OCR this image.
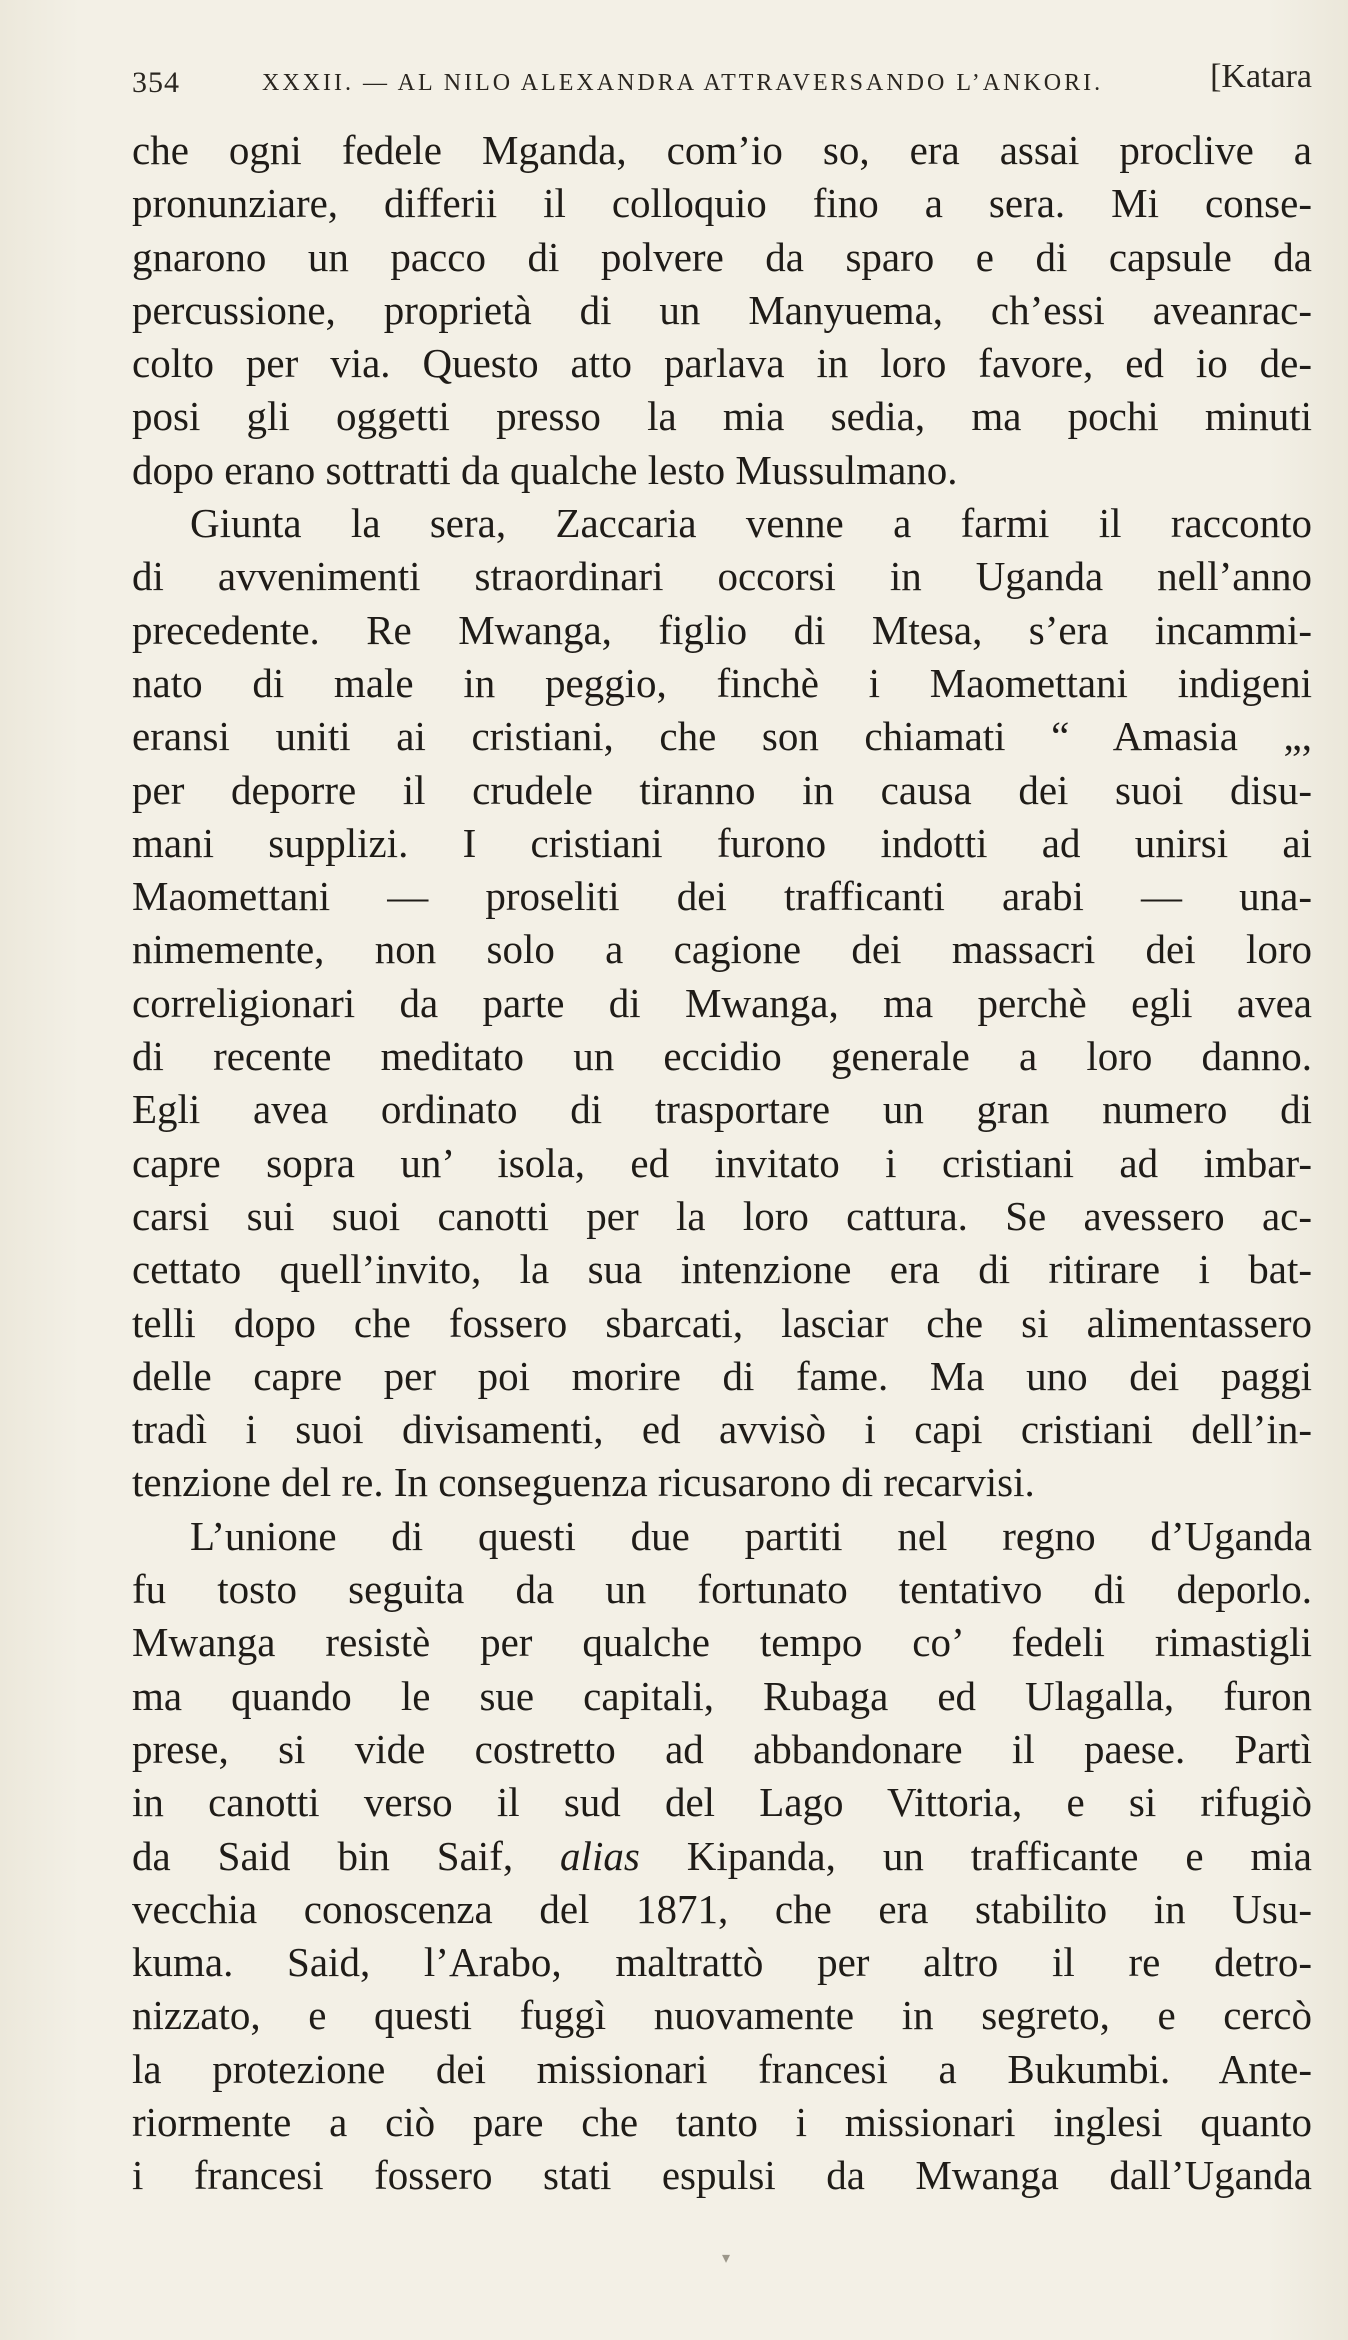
354	XXXII. — AL NILO ALEXANDRA ATTRAVERSANDO L’ANKORI.	[Katara
che ogni fedele Mganda, com’io so, era assai proclive a
pronunziare, differii il colloquio fino a sera. Mi conse-
gnarono un pacco di polvere da sparo e di capsule da
percussione, proprietà di un Manyuema, ch’essi aveanrac-
colto per via. Questo atto parlava in loro favore, ed io de-
posi gli oggetti presso la mia sedia, ma pochi minuti
dopo erano sottratti da qualche lesto Mussulmano.
Giunta la sera, Zaccaria venne a farmi il racconto
di avvenimenti straordinari occorsi in Uganda nell’anno
precedente. Re Mwanga, figlio di Mtesa, s’era incammi-
nato di male in peggio, finchè i Maomettani indigeni
eransi uniti ai cristiani, che son chiamati “ Amasia „,
per deporre il crudele tiranno in causa dei suoi disu-
mani supplizi. I cristiani furono indotti ad unirsi ai
Maomettani — proseliti dei trafficanti arabi — una-
nimemente, non solo a cagione dei massacri dei loro
correligionari da parte di Mwanga, ma perchè egli avea
di recente meditato un eccidio generale a loro danno.
Egli avea ordinato di trasportare un gran numero di
capre sopra un’ isola, ed invitato i cristiani ad imbar-
carsi sui suoi canotti per la loro cattura. Se avessero ac-
cettato quell’invito, la sua intenzione era di ritirare i bat-
telli dopo che fossero sbarcati, lasciar che si alimentassero
delle capre per poi morire di fame. Ma uno dei paggi
tradì i suoi divisamenti, ed avvisò i capi cristiani dell’in-
tenzione del re. In conseguenza ricusarono di recarvisi.
L’unione di questi due partiti nel regno d’Uganda
fu tosto seguita da un fortunato tentativo di deporlo.
Mwanga resistè per qualche tempo co’ fedeli rimastigli
ma quando le sue capitali, Rubaga ed Ulagalla, furon
prese, si vide costretto ad abbandonare il paese. Partì
in canotti verso il sud del Lago Vittoria, e si rifugiò
da Said bin Saif, alias Kipanda, un trafficante e mia
vecchia conoscenza del 1871, che era stabilito in Usu-
kuma. Said, l’Arabo, maltrattò per altro il re detro-
nizzato, e questi fuggì nuovamente in segreto, e cercò
la protezione dei missionari francesi a Bukumbi. Ante-
riormente a ciò pare che tanto i missionari inglesi quanto
i francesi fossero stati espulsi da Mwanga dall’Uganda
▾
